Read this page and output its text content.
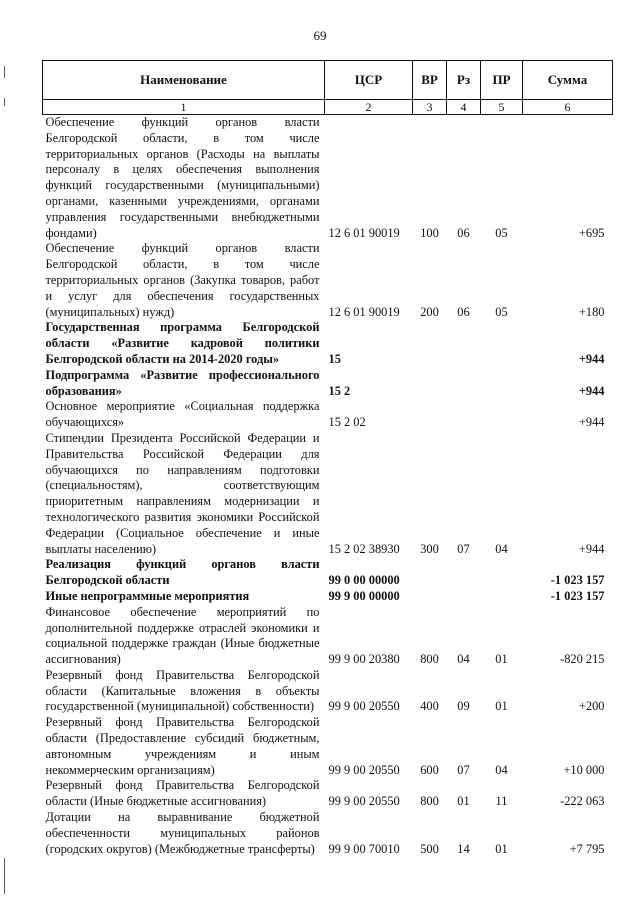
69
Наименование	ЦСР	ВР	Рз	ПР	Сумма
1	2	3	4	5	6
Обеспечение функций органов власти Белгородской области, в том числе территориальных органов (Расходы на выплаты персоналу в целях обеспечения выполнения функций государственными (муниципальными) органами, казенными учреждениями, органами управления государственными внебюджетными фондами)	12 6 01 90019	100	06	05	+695
Обеспечение функций органов власти Белгородской области, в том числе территориальных органов (Закупка товаров, работ и услуг для обеспечения государственных (муниципальных) нужд)	12 6 01 90019	200	06	05	+180
Государственная программа Белгородской области «Развитие кадровой политики Белгородской области на 2014-2020 годы»	15				+944
Подпрограмма «Развитие профессионального образования»	15 2				+944
Основное мероприятие «Социальная поддержка обучающихся»	15 2 02				+944
Стипендии Президента Российской Федерации и Правительства Российской Федерации для обучающихся по направлениям подготовки (специальностям), соответствующим приоритетным направлениям модернизации и технологического развития экономики Российской Федерации (Социальное обеспечение и иные выплаты населению)	15 2 02 38930	300	07	04	+944
Реализация функций органов власти Белгородской области	99 0 00 00000				-1 023 157
Иные непрограммные мероприятия	99 9 00 00000				-1 023 157
Финансовое обеспечение мероприятий по дополнительной поддержке отраслей экономики и социальной поддержке граждан (Иные бюджетные ассигнования)	99 9 00 20380	800	04	01	-820 215
Резервный фонд Правительства Белгородской области (Капитальные вложения в объекты государственной (муниципальной) собственности)	99 9 00 20550	400	09	01	+200
Резервный фонд Правительства Белгородской области (Предоставление субсидий бюджетным, автономным учреждениям и иным некоммерческим организациям)	99 9 00 20550	600	07	04	+10 000
Резервный фонд Правительства Белгородской области (Иные бюджетные ассигнования)	99 9 00 20550	800	01	11	-222 063
Дотации на выравнивание бюджетной обеспеченности муниципальных районов (городских округов) (Межбюджетные трансферты)	99 9 00 70010	500	14	01	+7 795
